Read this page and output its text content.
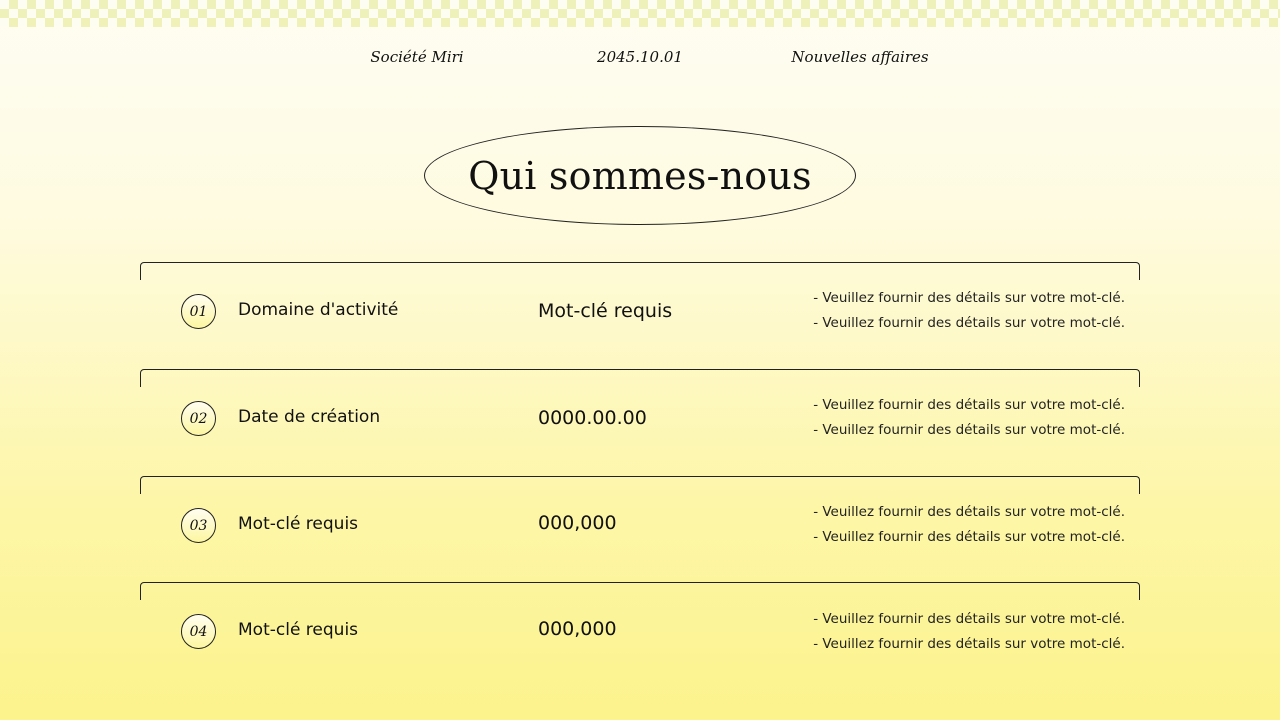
Société Miri	2045.10.01	Nouvelles affaires
Qui sommes-nous
01	Domaine d'activité	Mot-clé requis
- Veuillez fournir des détails sur votre mot-clé.
- Veuillez fournir des détails sur votre mot-clé.
02	Date de création	0000.00.00
- Veuillez fournir des détails sur votre mot-clé.
- Veuillez fournir des détails sur votre mot-clé.
03	Mot-clé requis	000,000	- Veuillez fournir des détails sur votre mot-clé.
- Veuillez fournir des détails sur votre mot-clé.
04	Mot-clé requis	000,000	- Veuillez fournir des détails sur votre mot-clé.
- Veuillez fournir des détails sur votre mot-clé.
